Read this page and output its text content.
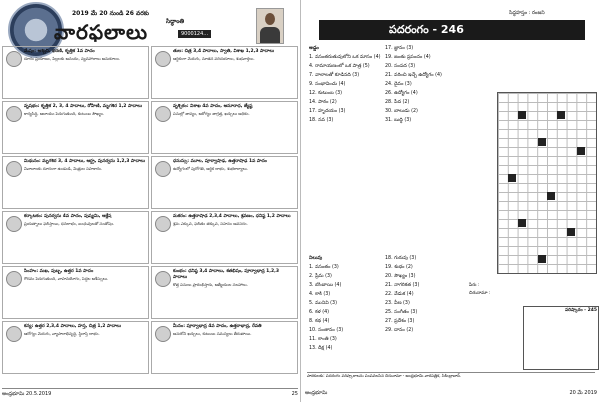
2019 మే 20 నుండి 26 వరకు
వారఫలాలు	సిద్ధాంతి
9000124...
మేషం: అశ్విని, భరణి, కృత్తిక 1వ పాదం
దూరం ప్రయాణం, పిల్లలకు ఆనందం, వ్యవహారాలు అనుకూలం.
తుల: చిత్ర 3,4 పాదాలు, స్వాతి, విశాఖ 1,2,3 పాదాలు
ఆర్థికంగా మెరుగు, నూతన పరిచయాలు, శుభవార్తలు.
వృషభం: కృత్తిక 2, 3, 4 పాదాలు, రోహిణి, మృగశిర 1,2 పాదాలు
కార్యసిద్ధి, ఆదాయం పెరుగుతుంది, కుటుంబ సౌఖ్యం.
వృశ్చికం: విశాఖ 4వ పాదం, అనూరాధ, జ్యేష్ఠ
పనుల్లో జాప్యం, ఆరోగ్యం జాగ్రత్త, ఖర్చులు అధికం.
మిథునం: మృగశిర 3, 4 పాదాలు, ఆర్ద్ర, పునర్వసు 1,2,3 పాదాలు
వివాదాలకు దూరంగా ఉండండి, మిత్రుల సహకారం.
ధనుస్సు: మూల, పూర్వాషాఢ, ఉత్తరాషాఢ 1వ పాదం
ఉద్యోగంలో పురోగతి, ఆర్థిక లాభం, శుభకార్యాలు.
కర్కాటకం: పునర్వసు 4వ పాదం, పుష్యమి, ఆశ్లేష
ప్రయత్నాలు ఫలిస్తాయి, ధనలాభం, బంధువులతో సంతోషం.
మకరం: ఉత్తరాషాఢ 2,3,4 పాదాలు, శ్రవణం, ధనిష్ఠ 1,2 పాదాలు
శ్రమ ఎక్కువ, ఫలితం తక్కువ, సహనం అవసరం.
సింహం: మఖ, పుబ్బ, ఉత్తర 1వ పాదం
గౌరవం పెరుగుతుంది, వాహనయోగం, పెద్దల ఆశీస్సులు.
కుంభం: ధనిష్ఠ 3,4 పాదాలు, శతభిషం, పూర్వాభాద్ర 1,2,3 పాదాలు
కొత్త పనులు ప్రారంభిస్తారు, ఆత్మీయుల సలహాలు.
కన్య: ఉత్తర 2,3,4 పాదాలు, హస్త, చిత్ర 1,2 పాదాలు
ఆరోగ్యం మెరుగు, వ్యాపారాభివృద్ధి, స్థిరాస్తి లాభం.
మీనం: పూర్వాభాద్ర 4వ పాదం, ఉత్తరాభాద్ర, రేవతి
అనుకోని ఖర్చులు, కుటుంబ సమస్యలు తీరుతాయి.
ఆంధ్రభూమి 20.5.2019	25
సిద్ధహస్తం : రంజని
పదరంగం - 246
అడ్డం
1. వసంతరుతువులోని ఒక మాసం (4)
4. రామాయణంలో ఒక పాత్ర (5)
7. వాలాలతో కూడినది (3)
9. సంభావించు (4)
12. కుటుంబ (3)
14. పాఠం (2)
17. హృదయం (3)
18. నవ (3)
17. జ్ఞానం (3)
19. జంతు ప్రపంచం (4)
20. సంపద (3)
21. వరించి ఇచ్చే ఉద్యోగం (4)
24. దైవం (3)
26. ఉద్యోగం (4)
28. పేద (2)
30. బాలుడు (2)
31. బుద్ధి (3)
నిలువు
1. వసంతం (3)
2. ప్రేమ (3)
3. బొంబాయి (4)
4. కాకి (3)
5. మునివి (3)
6. కళ (4)
8. కథ (4)
10. సంతానం (3)
11. కాంతి (3)
13. దీక్ష (4)
18. గురువు (3)
19. శుభం (2)
20. సౌఖ్యం (3)
21. నాగరికత (3)
22. వేడుక (4)
23. వీణ (3)
25. సంగీతం (3)
27. ప్రదేశం (3)
29. దానం (2)
పేరు :
చిరునామా :
పరిష్కారం - 245
పాఠకులకు: పదరంగం పరిష్కారాలను పంపవలసిన చిరునామా - ఆంధ్రభూమి వారపత్రిక, సికింద్రాబాద్.
ఆంధ్రభూమి	20 మే 2019
